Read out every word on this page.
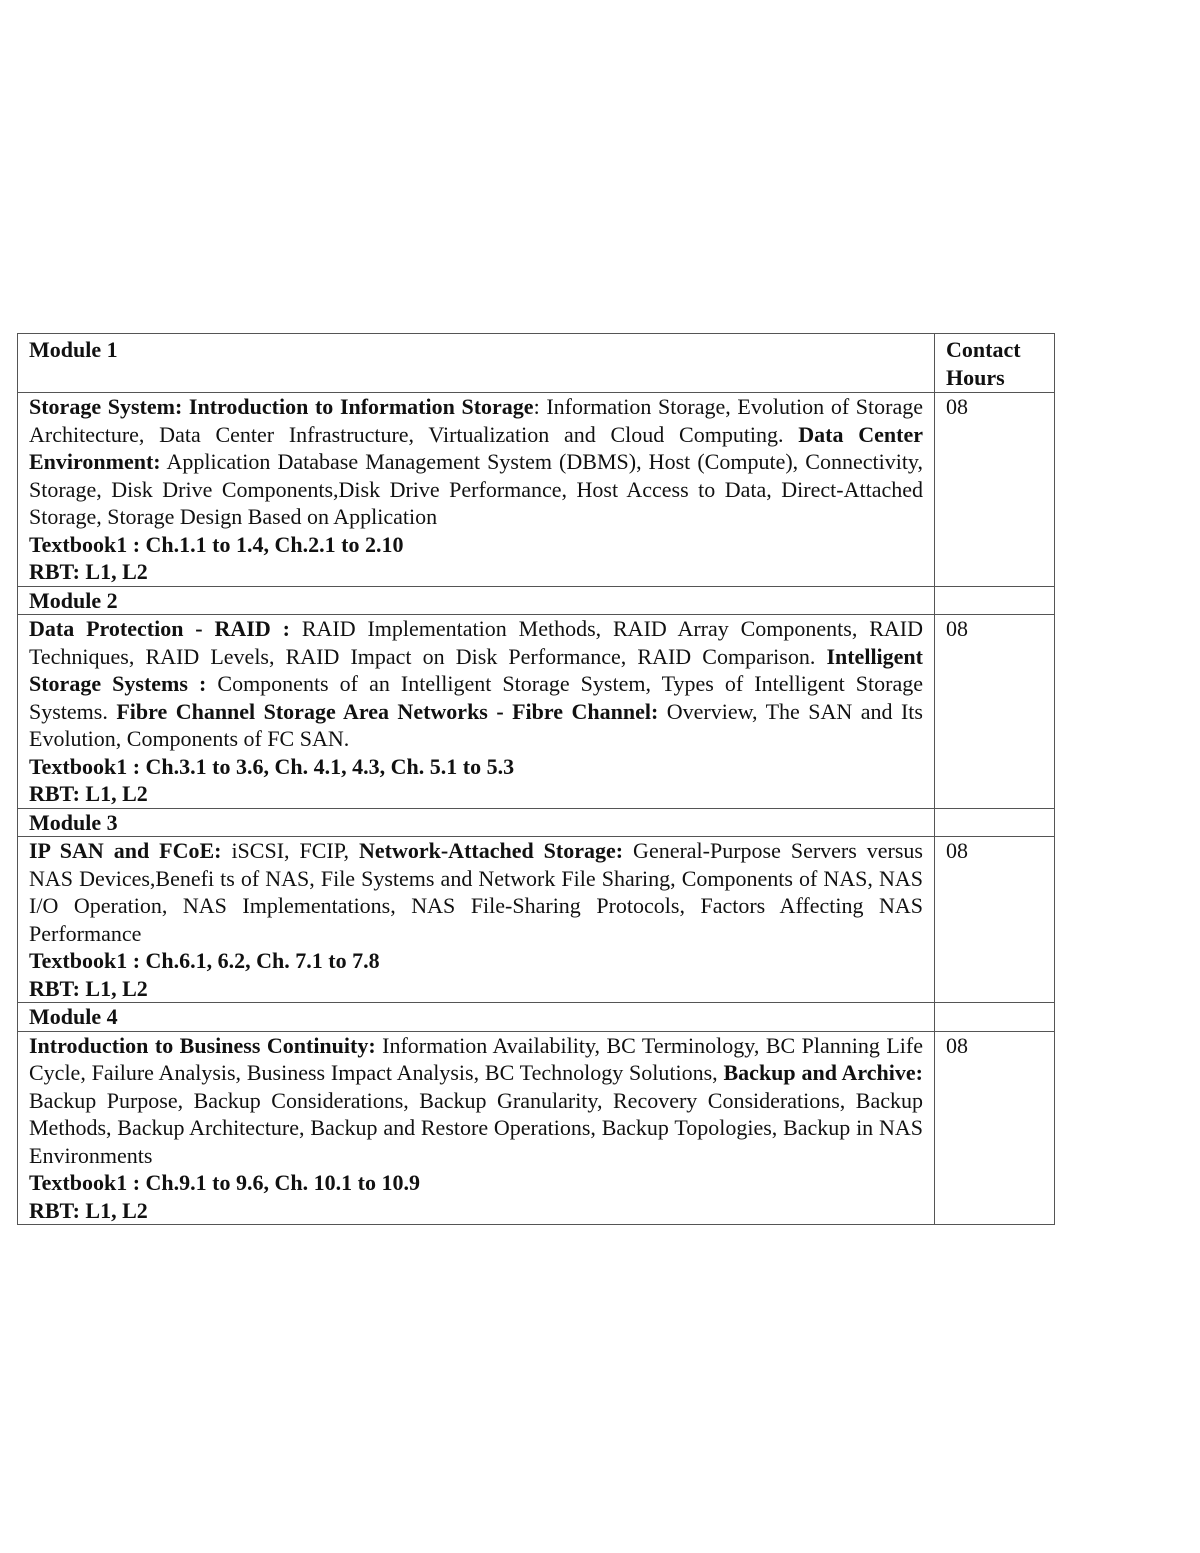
Module 1	Contact Hours

Storage System: Introduction to Information Storage: Information Storage, Evolution of Storage Architecture, Data Center Infrastructure, Virtualization and Cloud Computing. Data Center Environment: Application Database Management System (DBMS), Host (Compute), Connectivity, Storage, Disk Drive Components,Disk Drive Performance, Host Access to Data, Direct-Attached Storage, Storage Design Based on Application

Textbook1 : Ch.1.1 to 1.4, Ch.2.1 to 2.10

RBT: L1, L2	08
Module 2	

Data Protection - RAID : RAID Implementation Methods, RAID Array Components, RAID Techniques, RAID Levels, RAID Impact on Disk Performance, RAID Comparison. Intelligent Storage Systems : Components of an Intelligent Storage System, Types of Intelligent Storage Systems. Fibre Channel Storage Area Networks - Fibre Channel: Overview, The SAN and Its Evolution, Components of FC SAN.

Textbook1 : Ch.3.1 to 3.6, Ch. 4.1, 4.3, Ch. 5.1 to 5.3

RBT: L1, L2	08
Module 3	

IP SAN and FCoE: iSCSI, FCIP, Network-Attached Storage: General-Purpose Servers versus NAS Devices,Benefi ts of NAS, File Systems and Network File Sharing, Components of NAS, NAS I/O Operation, NAS Implementations, NAS File-Sharing Protocols, Factors Affecting NAS Performance

Textbook1 : Ch.6.1, 6.2, Ch. 7.1 to 7.8

RBT: L1, L2	08
Module 4	

Introduction to Business Continuity: Information Availability, BC Terminology, BC Planning Life Cycle, Failure Analysis, Business Impact Analysis, BC Technology Solutions, Backup and Archive: Backup Purpose, Backup Considerations, Backup Granularity, Recovery Considerations, Backup Methods, Backup Architecture, Backup and Restore Operations, Backup Topologies, Backup in NAS Environments

Textbook1 : Ch.9.1 to 9.6, Ch. 10.1 to 10.9

RBT: L1, L2	08
